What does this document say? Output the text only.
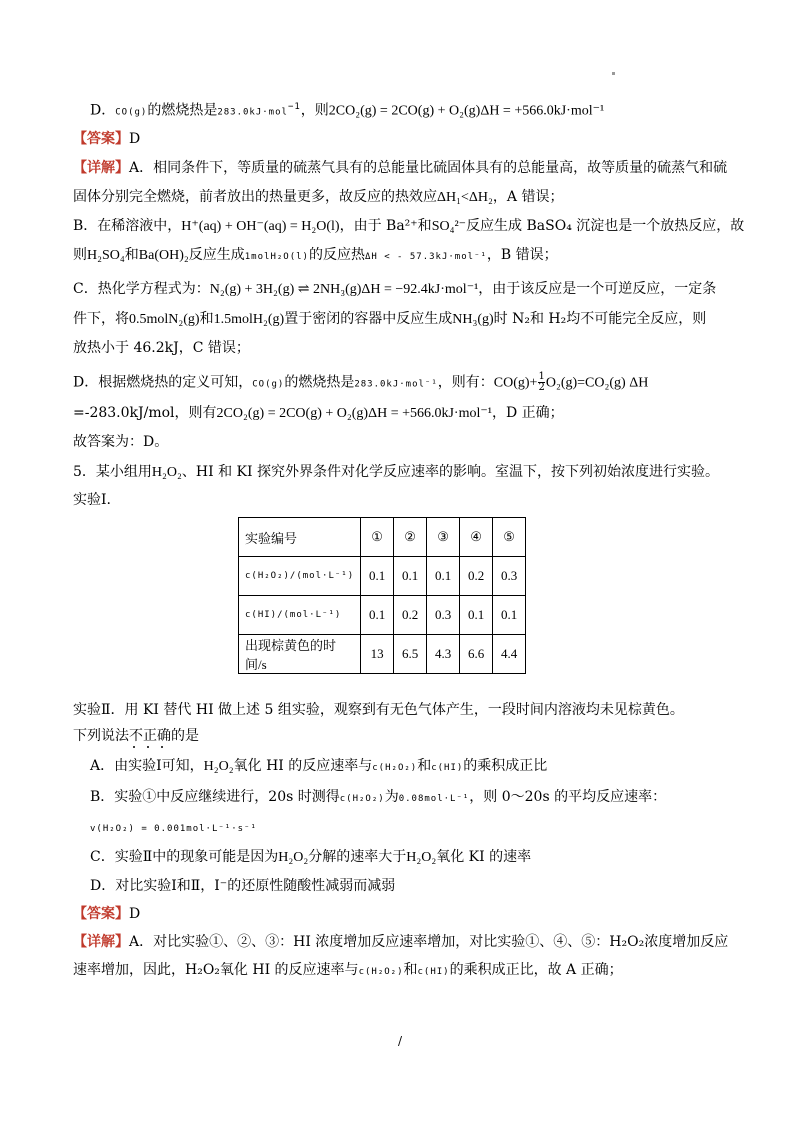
D．CO(g)的燃烧热是283.0kJ·mol$^{-1}$，则2CO₂(g) = 2CO(g) + O₂(g)ΔH = +566.0kJ·mol⁻¹
【答案】D
【详解】A．相同条件下，等质量的硫蒸气具有的总能量比硫固体具有的总能量高，故等质量的硫蒸气和硫
固体分别完全燃烧，前者放出的热量更多，故反应的热效应ΔH₁<ΔH₂，A 错误；
B．在稀溶液中，H⁺(aq) + OH⁻(aq) = H₂O(l)，由于 Ba²⁺和SO₄²⁻反应生成 BaSO₄ 沉淀也是一个放热反应，故
则H₂SO₄和Ba(OH)₂反应生成1molH₂O(l)的反应热ΔH < - 57.3kJ·mol⁻¹，B 错误；
C．热化学方程式为：N₂(g) + 3H₂(g) ⇌ 2NH₃(g)ΔH = −92.4kJ·mol⁻¹，由于该反应是一个可逆反应，一定条
件下，将0.5molN₂(g)和1.5molH₂(g)置于密闭的容器中反应生成NH₃(g)时 N₂和 H₂均不可能完全反应，则
放热小于 46.2kJ，C 错误；
D．根据燃烧热的定义可知，CO(g)的燃烧热是283.0kJ·mol⁻¹，则有：$CO(g)+ \frac{1}{2} O_2(g)=CO_2(g)$ ΔH
=-283.0kJ/mol，则有2CO₂(g) = 2CO(g) + O₂(g)ΔH = +566.0kJ·mol⁻¹，D 正确；
故答案为：D。
5．某小组用H₂O₂、HI 和 KI 探究外界条件对化学反应速率的影响。室温下，按下列初始浓度进行实验。
实验Ⅰ.
实验编号	①	②	③	④	⑤
c(H₂O₂)/(mol·L⁻¹)	0.1	0.1	0.1	0.2	0.3
c(HI)/(mol·L⁻¹)	0.1	0.2	0.3	0.1	0.1
出现棕黄色的时间/s	13	6.5	4.3	6.6	4.4
实验Ⅱ．用 KI 替代 HI 做上述 5 组实验，观察到有无色气体产生，一段时间内溶液均未见棕黄色。
下列说法不正确的是
A．由实验Ⅰ可知，H₂O₂氧化 HI 的反应速率与c(H₂O₂)和c(HI)的乘积成正比
B．实验①中反应继续进行，20s 时测得c(H₂O₂)为0.08mol·L⁻¹，则 0～20s 的平均反应速率：
v(H₂O₂) = 0.001mol·L⁻¹·s⁻¹
C．实验Ⅱ中的现象可能是因为H₂O₂分解的速率大于H₂O₂氧化 KI 的速率
D．对比实验Ⅰ和Ⅱ，I⁻的还原性随酸性减弱而减弱
【答案】D
【详解】A．对比实验①、②、③：HI 浓度增加反应速率增加，对比实验①、④、⑤：H₂O₂浓度增加反应
速率增加，因此，H₂O₂氧化 HI 的反应速率与c(H₂O₂)和c(HI)的乘积成正比，故 A 正确；
/
